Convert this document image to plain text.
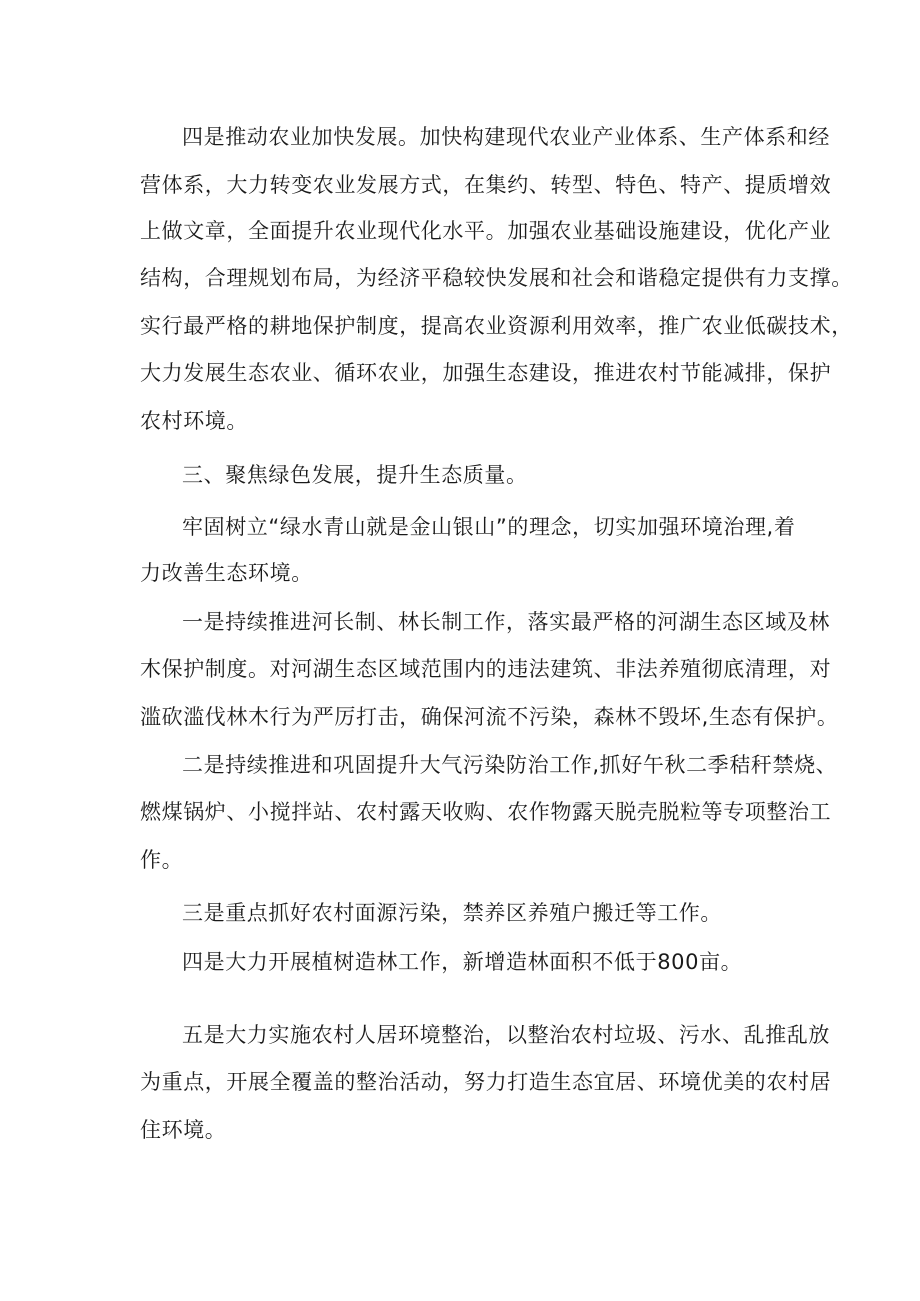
四是推动农业加快发展。加快构建现代农业产业体系、生产体系和经

营体系，大力转变农业发展方式，在集约、转型、特色、特产、提质增效

上做文章，全面提升农业现代化水平。加强农业基础设施建设，优化产业

结构，合理规划布局，为经济平稳较快发展和社会和谐稳定提供有力支撑。

实行最严格的耕地保护制度，提高农业资源利用效率，推广农业低碳技术，

大力发展生态农业、循环农业，加强生态建设，推进农村节能减排，保护

农村环境。

三、聚焦绿色发展，提升生态质量。

牢固树立“绿水青山就是金山银山”的理念，切实加强环境治理,着

力改善生态环境。

一是持续推进河长制、林长制工作，落实最严格的河湖生态区域及林

木保护制度。对河湖生态区域范围内的违法建筑、非法养殖彻底清理，对

滥砍滥伐林木行为严厉打击，确保河流不污染，森林不毁坏,生态有保护。

二是持续推进和巩固提升大气污染防治工作,抓好午秋二季秸秆禁烧、

燃煤锅炉、小搅拌站、农村露天收购、农作物露天脱壳脱粒等专项整治工

作。

三是重点抓好农村面源污染，禁养区养殖户搬迁等工作。

四是大力开展植树造林工作，新增造林面积不低于800亩。

五是大力实施农村人居环境整治，以整治农村垃圾、污水、乱推乱放

为重点，开展全覆盖的整治活动，努力打造生态宜居、环境优美的农村居

住环境。
